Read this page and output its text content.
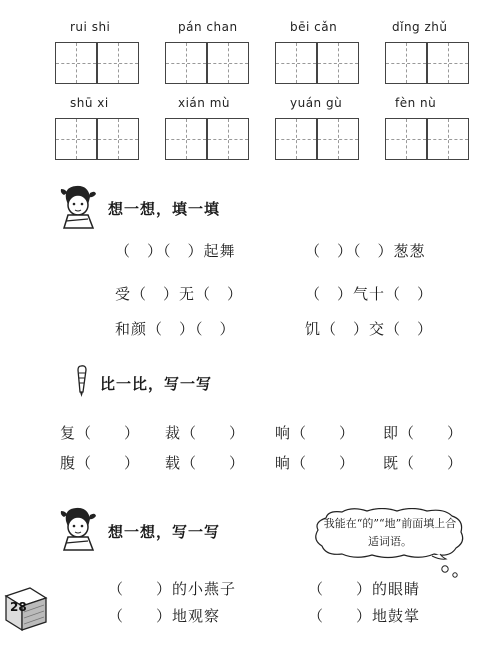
rui shi	pán chan	bēi cǎn	dǐng zhǔ
shū xi	xián mù	yuán gù	fèn nù
想一想，填一填
（　）（　）起舞	（　）（　）葱葱
受（　）无（　）	（　）气十（　）
和颜（　）（　）	饥（　）交（　）
比一比，写一写
复（　　） 裁（　　） 响（　　） 即（　　）
腹（　　） 载（　　） 晌（　　） 既（　　）
想一想，写一写	我能在“的”“地”前面填上合适词语。
（　　）的小燕子	（　　）的眼睛
（　　）地观察	（　　）地鼓掌
28
